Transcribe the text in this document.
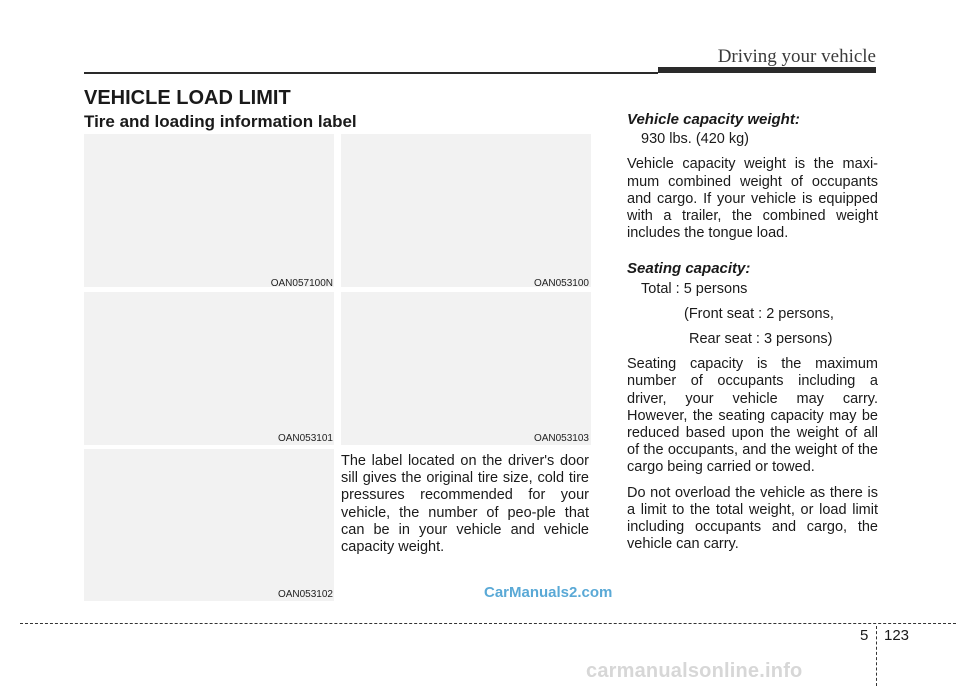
Driving your vehicle
VEHICLE LOAD LIMIT
Tire and loading information label
OAN057100N	OAN053100
OAN053101	OAN053103
OAN053102

The label located on the driver's door sill gives the original tire size, cold tire pressures recommended for your vehicle, the number of peo-ple that can be in your vehicle and vehicle capacity weight.

Vehicle capacity weight:

930 lbs. (420 kg)

Vehicle capacity weight is the maxi-mum combined weight of occupants and cargo. If your vehicle is equipped with a trailer, the combined weight includes the tongue load.

Seating capacity:

Total : 5 persons

(Front seat : 2 persons,

Rear seat : 3 persons)

Seating capacity is the maximum number of occupants including a driver, your vehicle may carry. However, the seating capacity may be reduced based upon the weight of all of the occupants, and the weight of the cargo being carried or towed.

Do not overload the vehicle as there is a limit to the total weight, or load limit including occupants and cargo, the vehicle can carry.

CarManuals2.com
5 123
carmanualsonline.info
